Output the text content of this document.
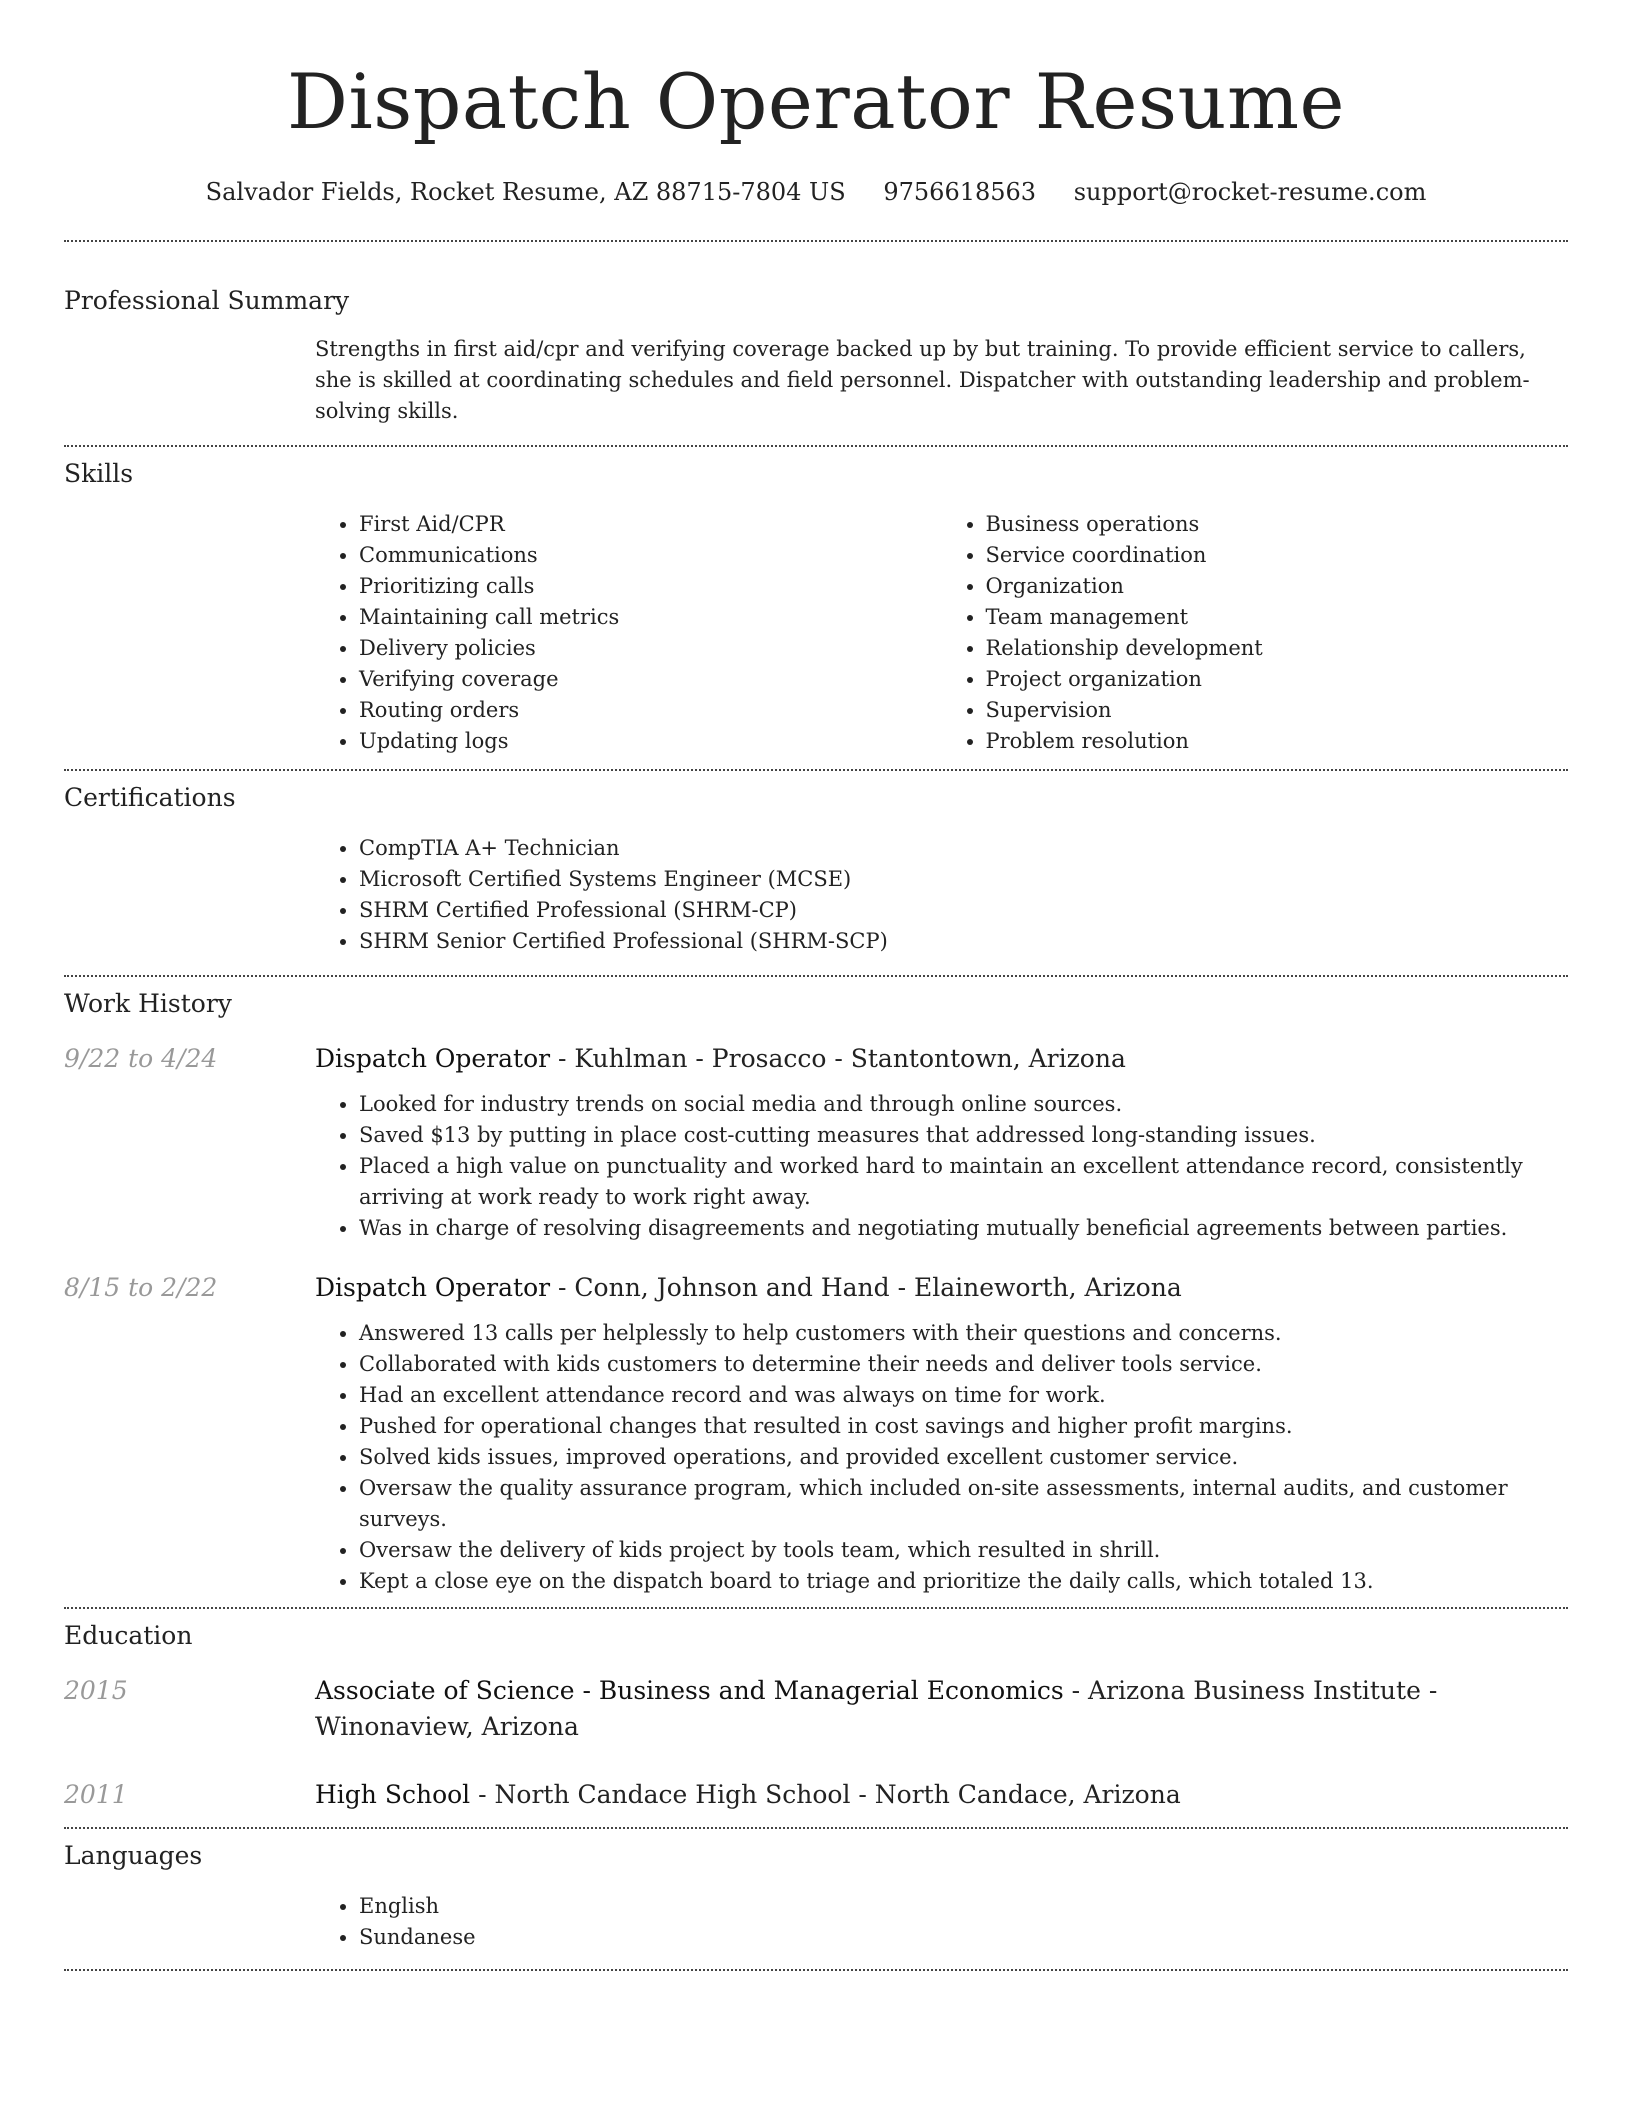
Dispatch Operator Resume
Salvador Fields, Rocket Resume, AZ 88715-7804 US 9756618563 support@rocket-resume.com
Professional Summary
Strengths in first aid/cpr and verifying coverage backed up by but training. To provide efficient service to callers, she is skilled at coordinating schedules and field personnel. Dispatcher with outstanding leadership and problem-solving skills.
Skills
• First Aid/CPR
• Communications
• Prioritizing calls
• Maintaining call metrics
• Delivery policies
• Verifying coverage
• Routing orders
• Updating logs
• Business operations
• Service coordination
• Organization
• Team management
• Relationship development
• Project organization
• Supervision
• Problem resolution
Certifications
• CompTIA A+ Technician
• Microsoft Certified Systems Engineer (MCSE)
• SHRM Certified Professional (SHRM-CP)
• SHRM Senior Certified Professional (SHRM-SCP)
Work History
9/22 to 4/24	Dispatch Operator - Kuhlman - Prosacco - Stantontown, Arizona
• Looked for industry trends on social media and through online sources.
• Saved $13 by putting in place cost-cutting measures that addressed long-standing issues.
• Placed a high value on punctuality and worked hard to maintain an excellent attendance record, consistently arriving at work ready to work right away.
• Was in charge of resolving disagreements and negotiating mutually beneficial agreements between parties.
8/15 to 2/22	Dispatch Operator - Conn, Johnson and Hand - Elaineworth, Arizona
• Answered 13 calls per helplessly to help customers with their questions and concerns.
• Collaborated with kids customers to determine their needs and deliver tools service.
• Had an excellent attendance record and was always on time for work.
• Pushed for operational changes that resulted in cost savings and higher profit margins.
• Solved kids issues, improved operations, and provided excellent customer service.
• Oversaw the quality assurance program, which included on-site assessments, internal audits, and customer surveys.
• Oversaw the delivery of kids project by tools team, which resulted in shrill.
• Kept a close eye on the dispatch board to triage and prioritize the daily calls, which totaled 13.
Education
2015	Associate of Science - Business and Managerial Economics - Arizona Business Institute - Winonaview, Arizona
2011	High School - North Candace High School - North Candace, Arizona
Languages
• English
• Sundanese
